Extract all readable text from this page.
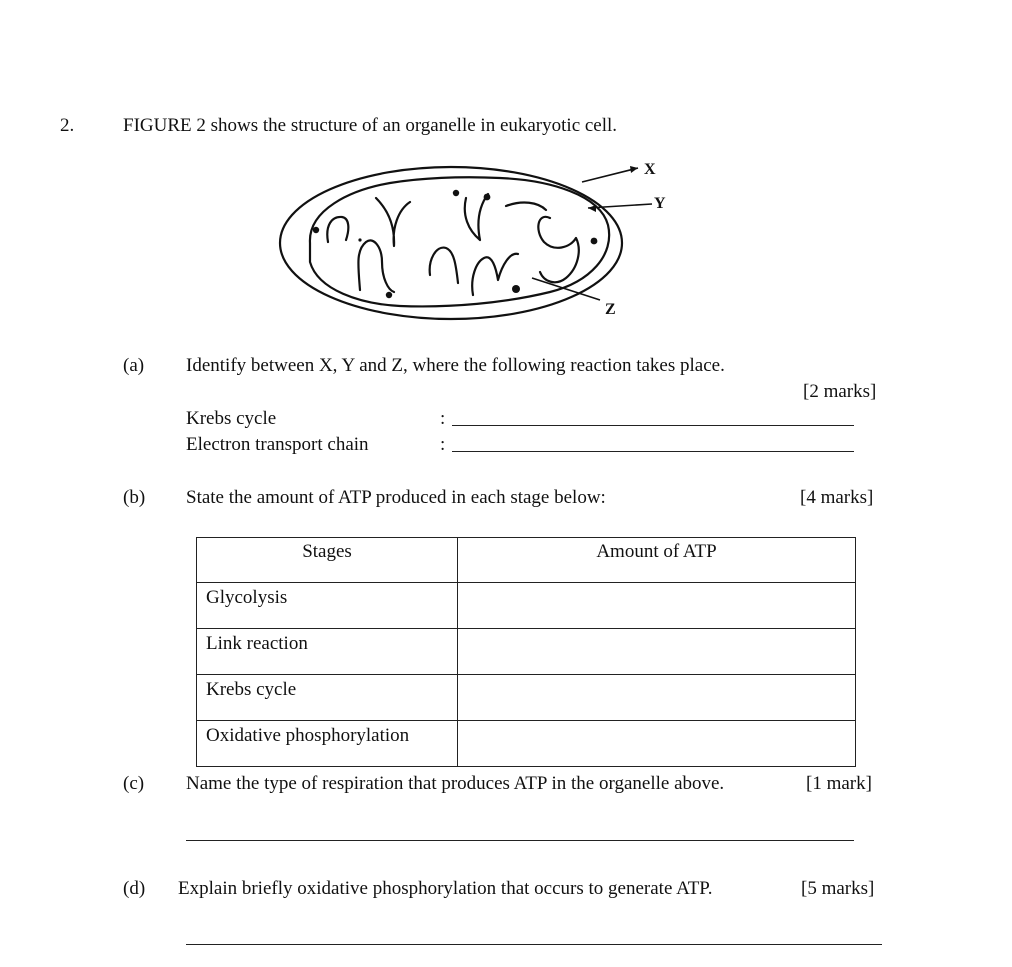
2.	FIGURE 2 shows the structure of an organelle in eukaryotic cell.
X
Y
Z
(a) Identify between X, Y and Z, where the following reaction takes place.
[2 marks]
Krebs cycle	:
Electron transport chain	:
(b) State the amount of ATP produced in each stage below:	[4 marks]
Stages	Amount of ATP
Glycolysis	
Link reaction	
Krebs cycle	
Oxidative phosphorylation	
(c) Name the type of respiration that produces ATP in the organelle above.	[1 mark]
(d) Explain briefly oxidative phosphorylation that occurs to generate ATP.	[5 marks]
